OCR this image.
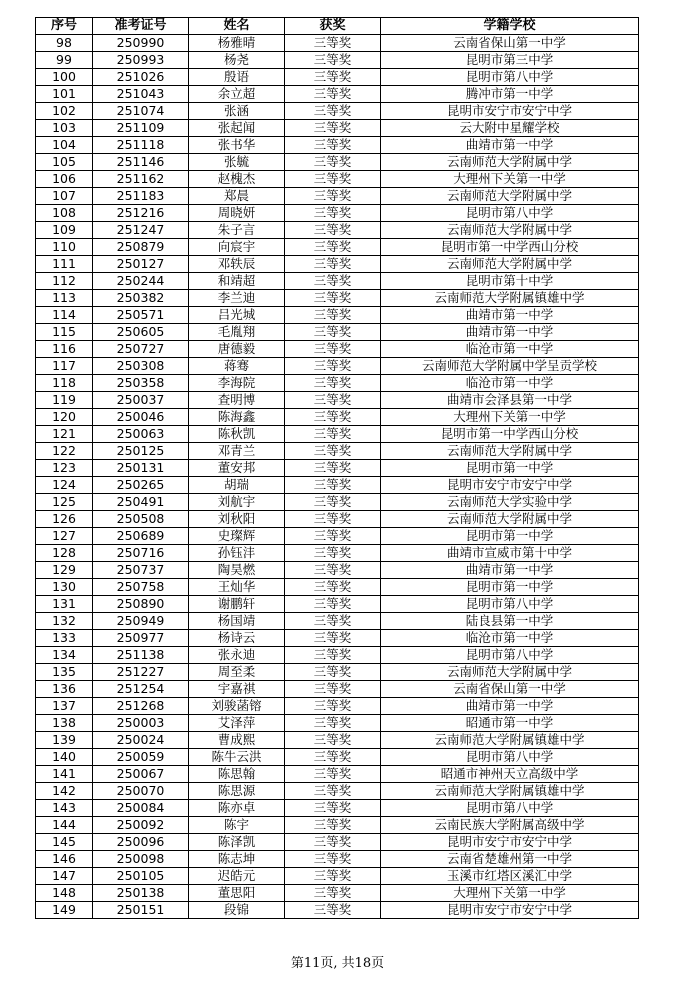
序号	准考证号	姓名	获奖	学籍学校
98	250990	杨雅晴	三等奖	云南省保山第一中学
99	250993	杨尧	三等奖	昆明市第三中学
100	251026	殷语	三等奖	昆明市第八中学
101	251043	余立超	三等奖	腾冲市第一中学
102	251074	张涵	三等奖	昆明市安宁市安宁中学
103	251109	张起闻	三等奖	云大附中星耀学校
104	251118	张书华	三等奖	曲靖市第一中学
105	251146	张毓	三等奖	云南师范大学附属中学
106	251162	赵槐杰	三等奖	大理州下关第一中学
107	251183	郑晨	三等奖	云南师范大学附属中学
108	251216	周晓妍	三等奖	昆明市第八中学
109	251247	朱子言	三等奖	云南师范大学附属中学
110	250879	向宸宇	三等奖	昆明市第一中学西山分校
111	250127	邓轶辰	三等奖	云南师范大学附属中学
112	250244	和靖超	三等奖	昆明市第十中学
113	250382	李兰迪	三等奖	云南师范大学附属镇雄中学
114	250571	吕光城	三等奖	曲靖市第一中学
115	250605	毛胤翔	三等奖	曲靖市第一中学
116	250727	唐德毅	三等奖	临沧市第一中学
117	250308	蒋骞	三等奖	云南师范大学附属中学呈贡学校
118	250358	李海院	三等奖	临沧市第一中学
119	250037	查明博	三等奖	曲靖市会泽县第一中学
120	250046	陈海鑫	三等奖	大理州下关第一中学
121	250063	陈秋凯	三等奖	昆明市第一中学西山分校
122	250125	邓青兰	三等奖	云南师范大学附属中学
123	250131	董安邦	三等奖	昆明市第一中学
124	250265	胡瑞	三等奖	昆明市安宁市安宁中学
125	250491	刘航宇	三等奖	云南师范大学实验中学
126	250508	刘秋阳	三等奖	云南师范大学附属中学
127	250689	史璨辉	三等奖	昆明市第一中学
128	250716	孙钰沣	三等奖	曲靖市宣威市第十中学
129	250737	陶昊燃	三等奖	曲靖市第一中学
130	250758	王灿华	三等奖	昆明市第一中学
131	250890	谢鹏轩	三等奖	昆明市第八中学
132	250949	杨国靖	三等奖	陆良县第一中学
133	250977	杨诗云	三等奖	临沧市第一中学
134	251138	张永迪	三等奖	昆明市第八中学
135	251227	周至柔	三等奖	云南师范大学附属中学
136	251254	宇嘉祺	三等奖	云南省保山第一中学
137	251268	刘骏菡镕	三等奖	曲靖市第一中学
138	250003	艾泽萍	三等奖	昭通市第一中学
139	250024	曹成熙	三等奖	云南师范大学附属镇雄中学
140	250059	陈牛云洪	三等奖	昆明市第八中学
141	250067	陈思翰	三等奖	昭通市神州天立高级中学
142	250070	陈思源	三等奖	云南师范大学附属镇雄中学
143	250084	陈亦卓	三等奖	昆明市第八中学
144	250092	陈宇	三等奖	云南民族大学附属高级中学
145	250096	陈泽凯	三等奖	昆明市安宁市安宁中学
146	250098	陈志坤	三等奖	云南省楚雄州第一中学
147	250105	迟皓元	三等奖	玉溪市红塔区溪汇中学
148	250138	董思阳	三等奖	大理州下关第一中学
149	250151	段锦	三等奖	昆明市安宁市安宁中学
第11页, 共18页
